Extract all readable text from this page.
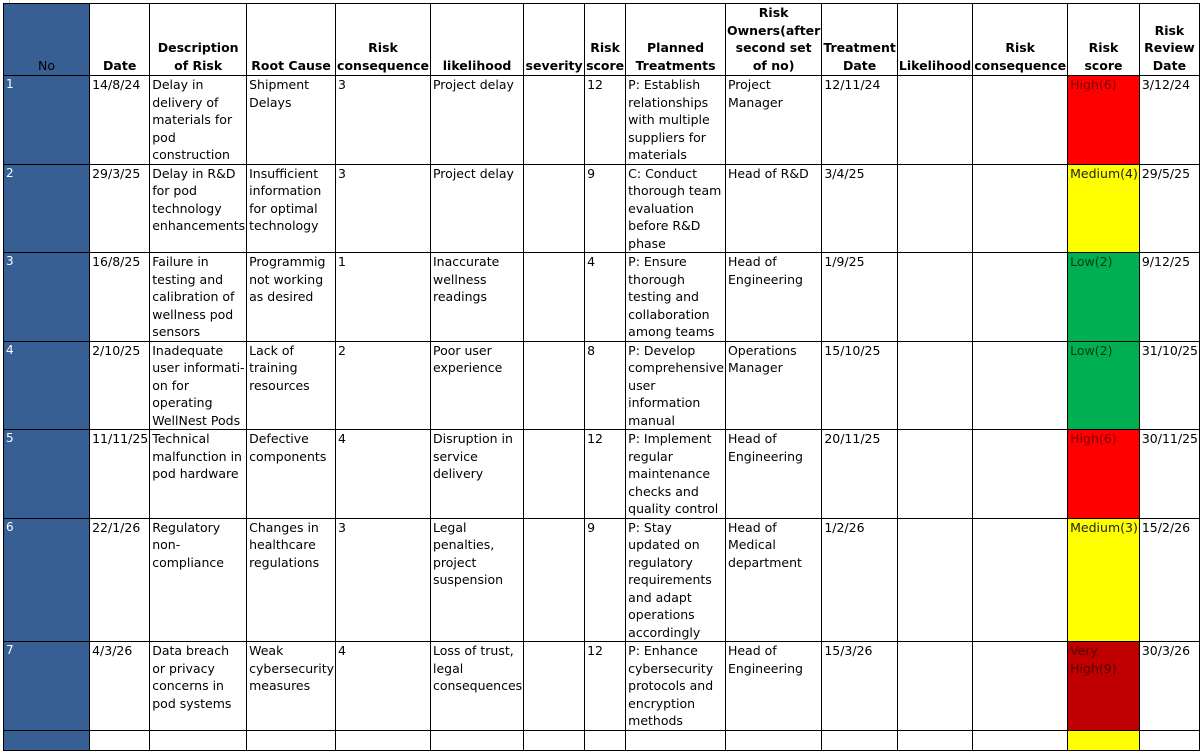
No	Date	Description of Risk	Root Cause	Risk consequence	likelihood	severity	Risk score	Planned Treatments	Risk Owners(after second set of no)	Treatment Date	Likelihood	Risk consequence	Risk score	Risk Review Date
1	14/8/24	Delay in delivery of materials for pod construction	Shipment Delays	3	Project delay		12	P: Establish relationships with multiple suppliers for materials	Project Manager	12/11/24			High(6)	3/12/24
2	29/3/25	Delay in R&D for pod technology enhancements	Insufficient information for optimal technology	3	Project delay		9	C: Conduct thorough team evaluation before R&D phase	Head of R&D	3/4/25			Medium(4)	29/5/25
3	16/8/25	Failure in testing and calibration of wellness pod sensors	Programmig not working as desired	1	Inaccurate wellness readings		4	P: Ensure thorough testing and collaboration among teams	Head of Engineering	1/9/25			Low(2)	9/12/25
4	2/10/25	Inadequate user informati- on for operating WellNest Pods	Lack of training resources	2	Poor user experience		8	P: Develop comprehensive user information manual	Operations Manager	15/10/25			Low(2)	31/10/25
5	11/11/25	Technical malfunction in pod hardware	Defective components	4	Disruption in service delivery		12	P: Implement regular maintenance checks and quality control	Head of Engineering	20/11/25			High(6)	30/11/25
6	22/1/26	Regulatory non- compliance	Changes in healthcare regulations	3	Legal penalties, project suspension		9	P: Stay updated on regulatory requirements and adapt operations accordingly	Head of Medical department	1/2/26			Medium(3)	15/2/26
7	4/3/26	Data breach or privacy concerns in pod systems	Weak cybersecurity measures	4	Loss of trust, legal consequences		12	P: Enhance cybersecurity protocols and encryption methods	Head of Engineering	15/3/26			Very High(9)	30/3/26
